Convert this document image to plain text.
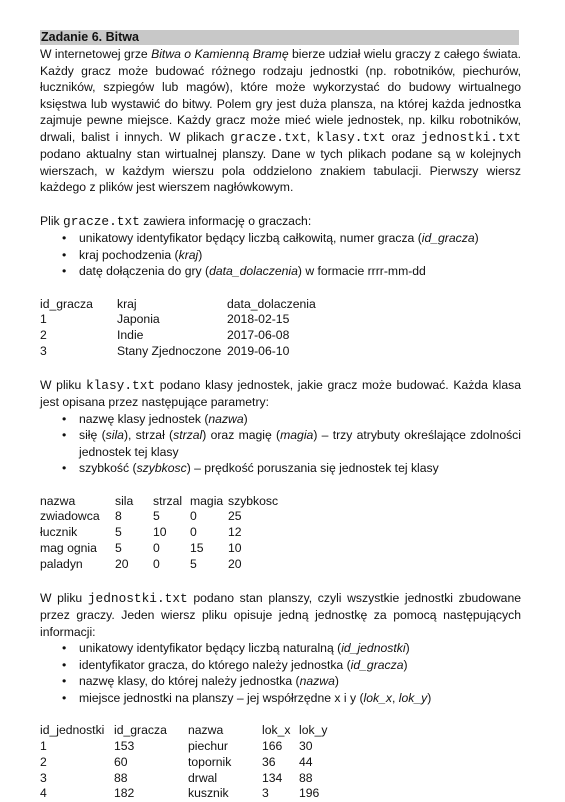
Zadanie 6. Bitwa

W internetowej grze Bitwa o Kamienną Bramę bierze udział wielu graczy z całego świata. Każdy gracz może budować różnego rodzaju jednostki (np. robotników, piechurów, łuczników, szpiegów lub magów), które może wykorzystać do budowy wirtualnego księstwa lub wystawić do bitwy. Polem gry jest duża plansza, na której każda jednostka zajmuje pewne miejsce. Każdy gracz może mieć wiele jednostek, np. kilku robotników, drwali, balist i innych. W plikach gracze.txt, klasy.txt oraz jednostki.txt podano aktualny stan wirtualnej planszy. Dane w tych plikach podane są w kolejnych wierszach, w każdym wierszu pola oddzielono znakiem tabulacji. Pierwszy wiersz każdego z plików jest wierszem nagłówkowym.

Plik gracze.txt zawiera informację o graczach:

• unikatowy identyfikator będący liczbą całkowitą, numer gracza (id_gracza)
• kraj pochodzenia (kraj)
• datę dołączenia do gry (data_dolaczenia) w formacie rrrr-mm-dd
id_gracza	kraj	data_dolaczenia
1	Japonia	2018-02-15
2	Indie	2017-06-08
3	Stany Zjednoczone	2019-06-10

W pliku klasy.txt podano klasy jednostek, jakie gracz może budować. Każda klasa jest opisana przez następujące parametry:

• nazwę klasy jednostek (nazwa)
• siłę (sila), strzał (strzal) oraz magię (magia) – trzy atrybuty określające zdolności jednostek tej klasy
• szybkość (szybkosc) – prędkość poruszania się jednostek tej klasy
nazwa	sila	strzal	magia	szybkosc
zwiadowca	8	5	0	25
łucznik	5	10	0	12
mag ognia	5	0	15	10
paladyn	20	0	5	20

W pliku jednostki.txt podano stan planszy, czyli wszystkie jednostki zbudowane przez graczy. Jeden wiersz pliku opisuje jedną jednostkę za pomocą następujących informacji:

• unikatowy identyfikator będący liczbą naturalną (id_jednostki)
• identyfikator gracza, do którego należy jednostka (id_gracza)
• nazwę klasy, do której należy jednostka (nazwa)
• miejsce jednostki na planszy – jej współrzędne x i y (lok_x, lok_y)
id_jednostki	id_gracza	nazwa	lok_x	lok_y
1	153	piechur	166	30
2	60	topornik	36	44
3	88	drwal	134	88
4	182	kusznik	3	196
